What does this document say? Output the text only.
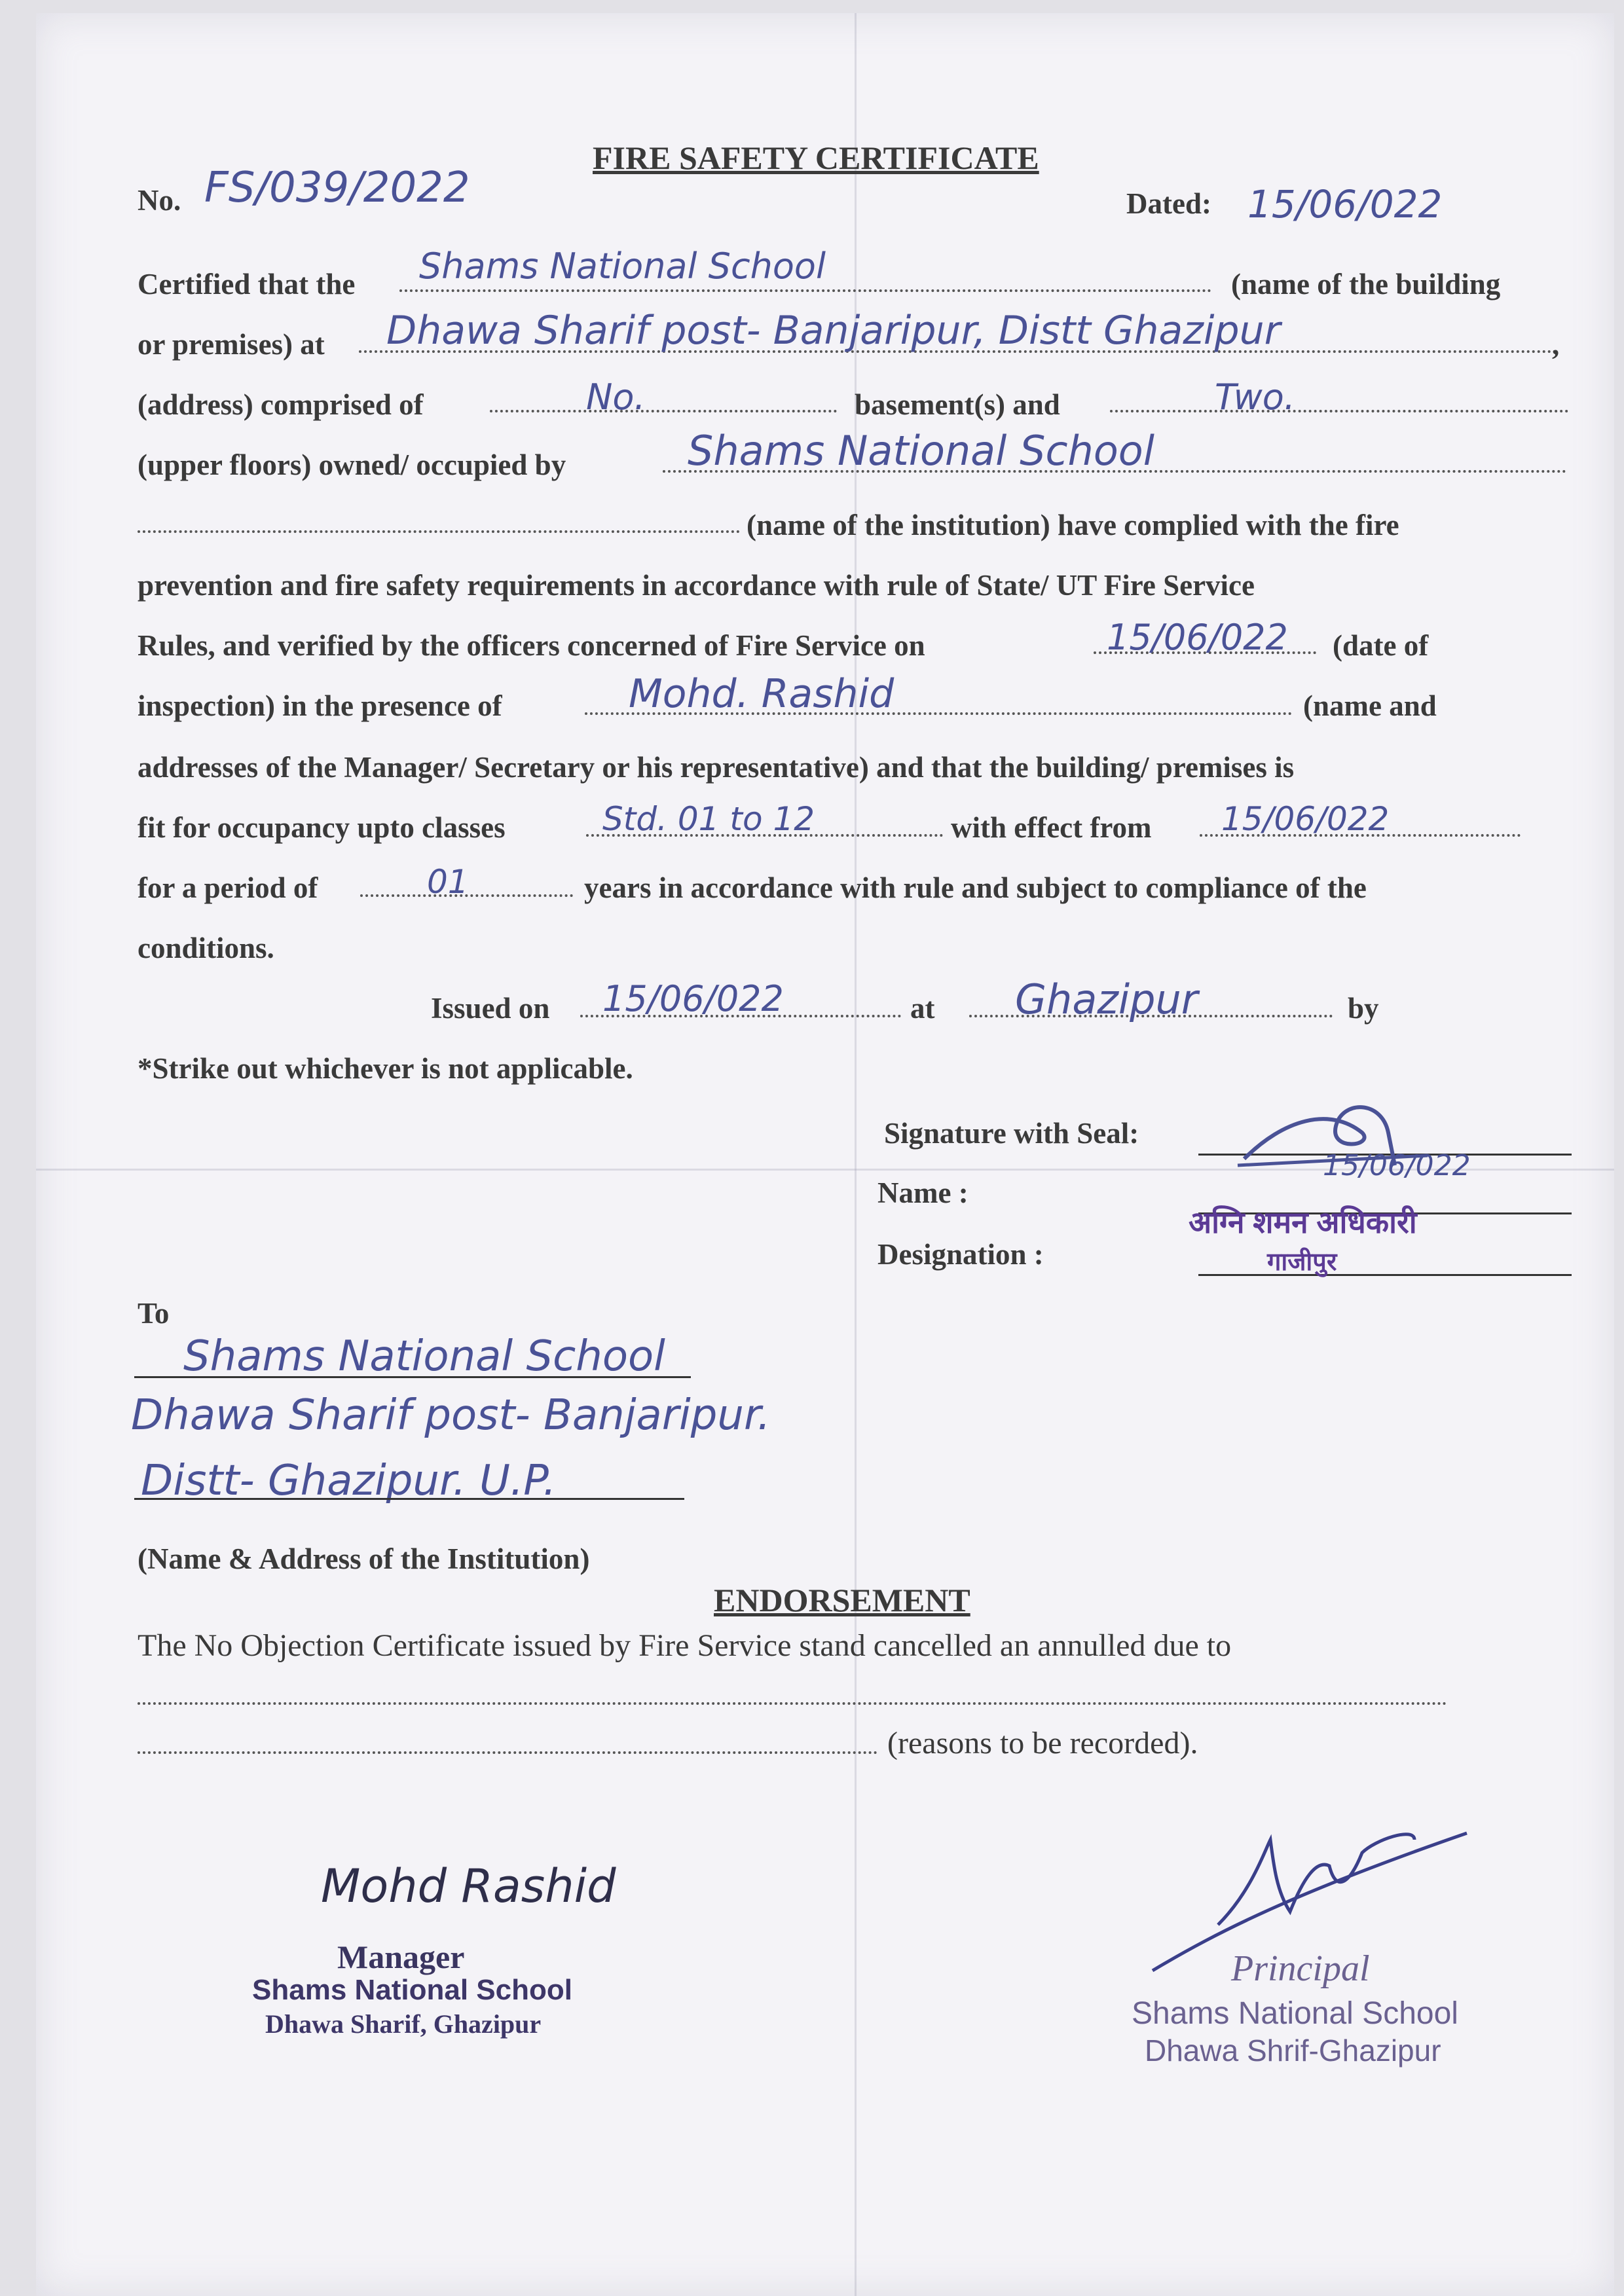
FIRE SAFETY CERTIFICATE
No. FS/039/2022	Dated: 15/06/022
Certified that the Shams National School	(name of the building
or premises) at Dhawa Sharif post- Banjaripur, Distt Ghazipur	,
(address) comprised of	No.	basement(s) and	Two.
(upper floors) owned/ occupied by	Shams National School
(name of the institution) have complied with the fire
prevention and fire safety requirements in accordance with rule of State/ UT Fire Service
Rules, and verified by the officers concerned of Fire Service on	15/06/022 (date of
inspection) in the presence of	Mohd. Rashid	(name and
addresses of the Manager/ Secretary or his representative) and that the building/ premises is
fit for occupancy upto classes	Std. 01 to 12	with effect from 15/06/022
for a period of	01	years in accordance with rule and subject to compliance of the
conditions.
Issued on 15/06/022	at Ghazipur	by
*Strike out whichever is not applicable.
Signature with Seal:
Name :
Designation :
15/06/022
अग्नि शमन अधिकारी
गाजीपुर
To
Shams National School
Dhawa Sharif post- Banjaripur.
Distt- Ghazipur. U.P.
(Name & Address of the Institution)
ENDORSEMENT
The No Objection Certificate issued by Fire Service stand cancelled an annulled due to
(reasons to be recorded).
Mohd Rashid
Manager
Shams National School
Dhawa Sharif, Ghazipur
Principal
Shams National School
Dhawa Shrif-Ghazipur
